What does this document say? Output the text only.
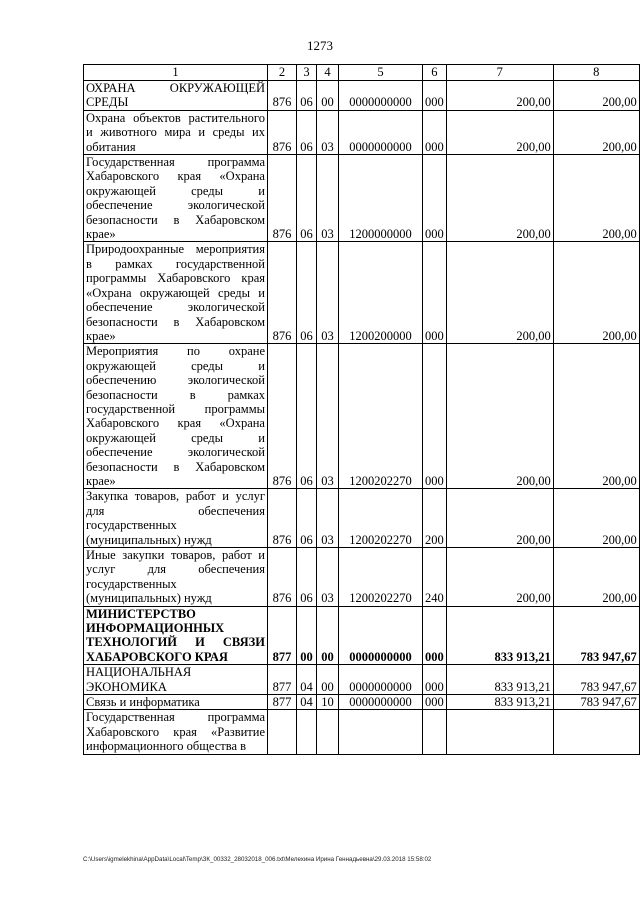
1273
1	2	3	4	5	6	7	8
ОХРАНА ОКРУЖАЮЩЕЙ СРЕДЫ	876	06	00	0000000000	000	200,00	200,00
Охрана объектов растительного и животного мира и среды их обитания	876	06	03	0000000000	000	200,00	200,00
Государственная программа Хабаровского края «Охрана окружающей среды и обеспечение экологической безопасности в Хабаровском крае»	876	06	03	1200000000	000	200,00	200,00
Природоохранные мероприятия в рамках государственной программы Хабаровского края «Охрана окружающей среды и обеспечение экологической безопасности в Хабаровском крае»	876	06	03	1200200000	000	200,00	200,00
Мероприятия по охране окружающей среды и обеспечению экологической безопасности в рамках государственной программы Хабаровского края «Охрана окружающей среды и обеспечение экологической безопасности в Хабаровском крае»	876	06	03	1200202270	000	200,00	200,00
Закупка товаров, работ и услуг для обеспечения государственных (муниципальных) нужд	876	06	03	1200202270	200	200,00	200,00
Иные закупки товаров, работ и услуг для обеспечения государственных (муниципальных) нужд	876	06	03	1200202270	240	200,00	200,00
МИНИСТЕРСТВО ИНФОРМАЦИОННЫХ ТЕХНОЛОГИЙ И СВЯЗИ ХАБАРОВСКОГО КРАЯ	877	00	00	0000000000	000	833 913,21	783 947,67
НАЦИОНАЛЬНАЯ ЭКОНОМИКА	877	04	00	0000000000	000	833 913,21	783 947,67
Связь и информатика	877	04	10	0000000000	000	833 913,21	783 947,67
Государственная программа Хабаровского края «Развитие информационного общества в							
C:\Users\igmelekhina\AppData\Local\Temp\ЗК_00332_28032018_006.txt\Мелехина Ирина Геннадьевна\29.03.2018 15:58:02
